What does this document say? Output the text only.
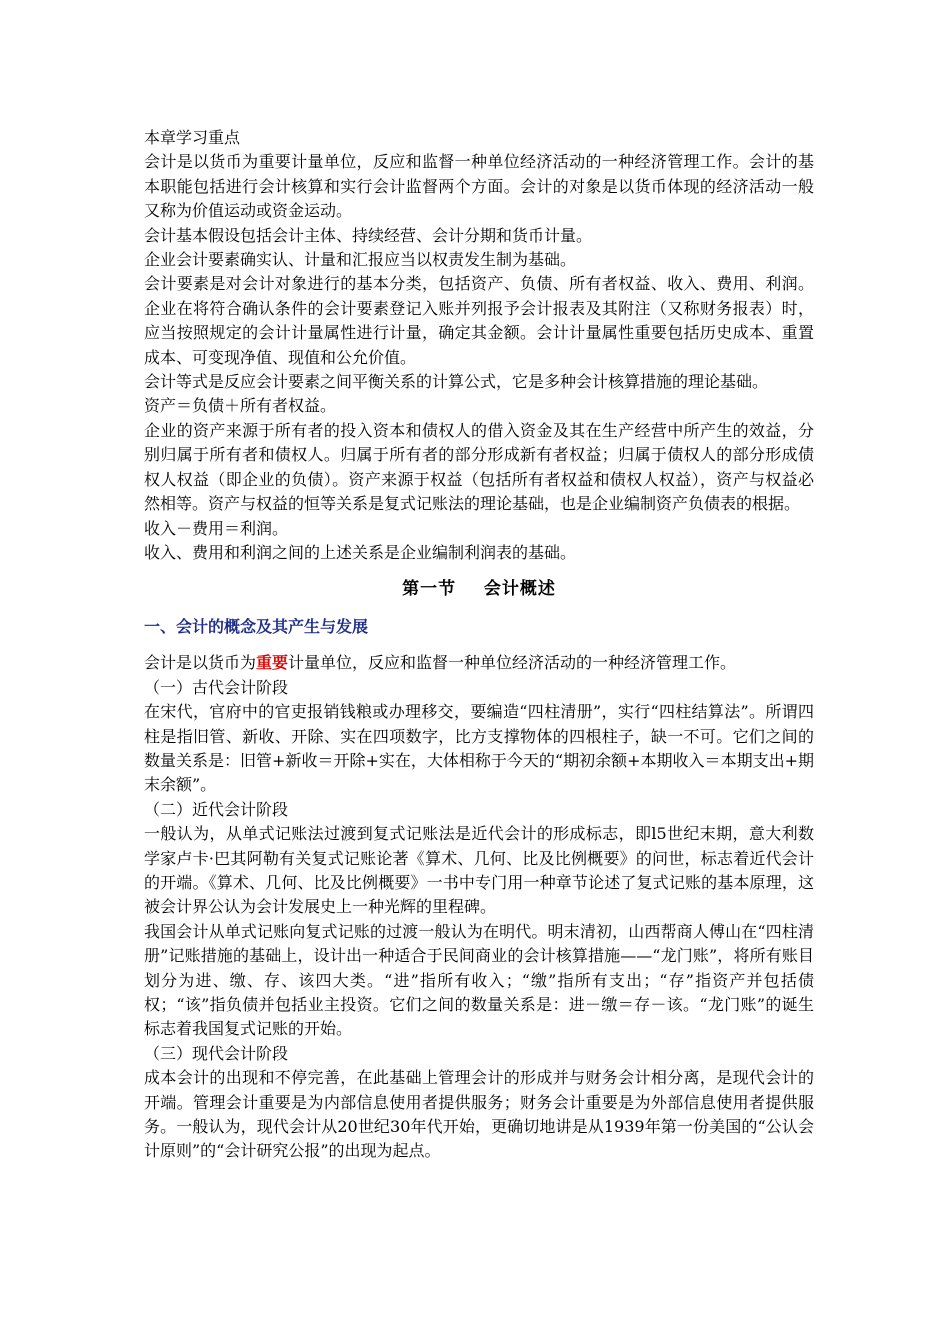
本章学习重点

会计是以货币为重要计量单位，反应和监督一种单位经济活动的一种经济管理工作。会计的基本职能包括进行会计核算和实行会计监督两个方面。会计的对象是以货币体现的经济活动一般又称为价值运动或资金运动。

会计基本假设包括会计主体、持续经营、会计分期和货币计量。

企业会计要素确实认、计量和汇报应当以权责发生制为基础。

会计要素是对会计对象进行的基本分类，包括资产、负债、所有者权益、收入、费用、利润。企业在将符合确认条件的会计要素登记入账并列报予会计报表及其附注（又称财务报表）时，应当按照规定的会计计量属性进行计量，确定其金额。会计计量属性重要包括历史成本、重置成本、可变现净值、现值和公允价值。

会计等式是反应会计要素之间平衡关系的计算公式，它是多种会计核算措施的理论基础。

资产＝负债＋所有者权益。

企业的资产来源于所有者的投入资本和债权人的借入资金及其在生产经营中所产生的效益，分别归属于所有者和债权人。归属于所有者的部分形成新有者权益；归属于债权人的部分形成债权人权益（即企业的负债）。资产来源于权益（包括所有者权益和债权人权益），资产与权益必然相等。资产与权益的恒等关系是复式记账法的理论基础，也是企业编制资产负债表的根据。

收入－费用＝利润。

收入、费用和利润之间的上述关系是企业编制利润表的基础。

第一节    会计概述
一、会计的概念及其产生与发展

会计是以货币为重要计量单位，反应和监督一种单位经济活动的一种经济管理工作。

（一）古代会计阶段

在宋代，官府中的官吏报销钱粮或办理移交，要编造“四柱清册”，实行“四柱结算法”。所谓四柱是指旧管、新收、开除、实在四项数字，比方支撑物体的四根柱子，缺一不可。它们之间的数量关系是：旧管+新收＝开除+实在，大体相称于今天的“期初余额+本期收入＝本期支出+期末余额”。

（二）近代会计阶段

一般认为，从单式记账法过渡到复式记账法是近代会计的形成标志，即l5世纪末期，意大利数学家卢卡·巴其阿勒有关复式记账论著《算术、几何、比及比例概要》的问世，标志着近代会计的开端。《算术、几何、比及比例概要》一书中专门用一种章节论述了复式记账的基本原理，这被会计界公认为会计发展史上一种光辉的里程碑。

我国会计从单式记账向复式记账的过渡一般认为在明代。明末清初，山西帮商人傅山在“四柱清册”记账措施的基础上，设计出一种适合于民间商业的会计核算措施——“龙门账”，将所有账目划分为进、缴、存、该四大类。“进”指所有收入；“缴”指所有支出；“存”指资产并包括债权；“该”指负债并包括业主投资。它们之间的数量关系是：进－缴＝存－该。“龙门账”的诞生标志着我国复式记账的开始。

（三）现代会计阶段

成本会计的出现和不停完善，在此基础上管理会计的形成并与财务会计相分离，是现代会计的开端。管理会计重要是为内部信息使用者提供服务；财务会计重要是为外部信息使用者提供服务。一般认为，现代会计从20世纪30年代开始，更确切地讲是从1939年第一份美国的“公认会计原则”的“会计研究公报”的出现为起点。
